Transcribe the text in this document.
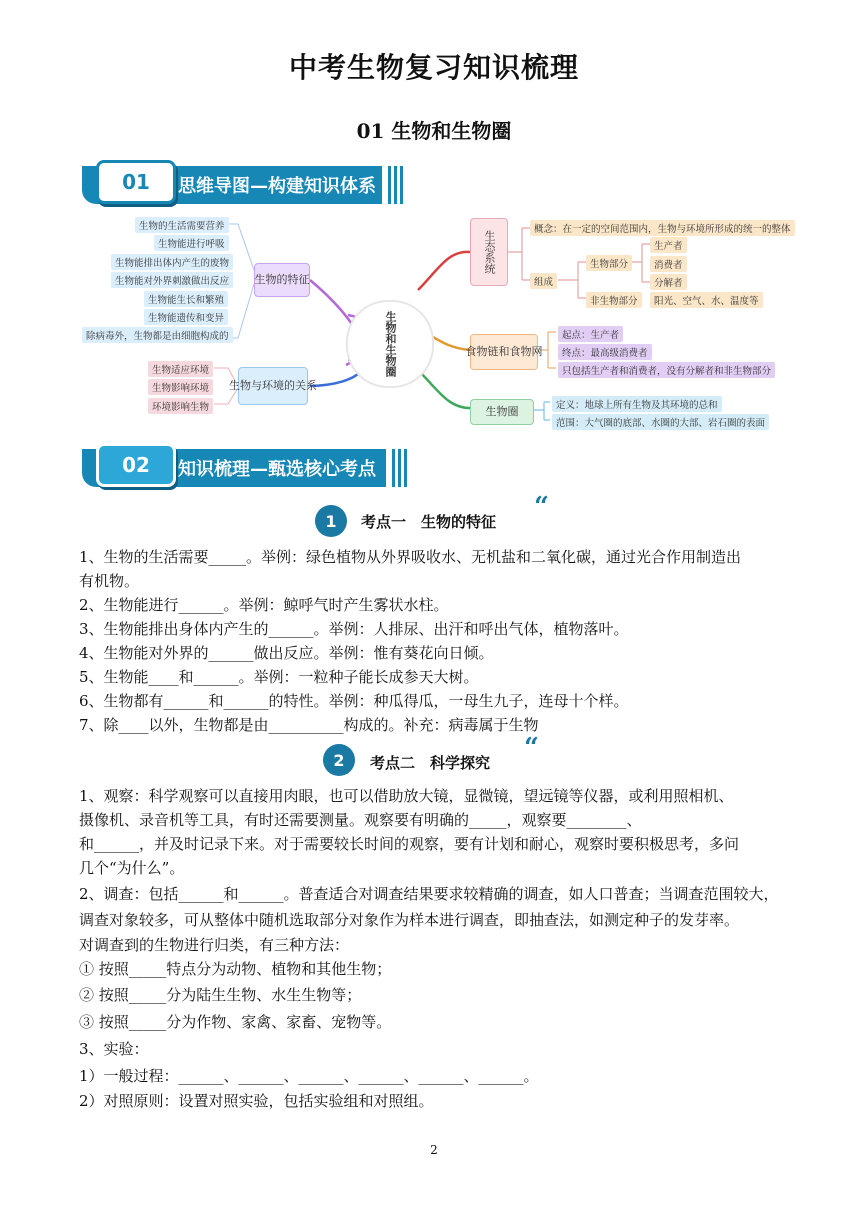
中考生物复习知识梳理
01 生物和生物圈
01	思维导图—构建知识体系
生物和生物圈
生物的特征
生物的生活需要营养
生物能进行呼吸
生物能排出体内产生的废物
生物能对外界刺激做出反应
生物能生长和繁殖
生物能遗传和变异
除病毒外，生物都是由细胞构成的
生物与环境的关系
生物适应环境
生物影响环境
环境影响生物
生态系统
概念：在一定的空间范围内，生物与环境所形成的统一的整体
组成
生物部分
生产者
消费者
分解者
非生物部分	阳光、空气、水、温度等
食物链和食物网
起点：生产者
终点：最高级消费者
只包括生产者和消费者，没有分解者和非生物部分
生物圈	定义：地球上所有生物及其环境的总和
范围：大气圈的底部、水圈的大部、岩石圈的表面
02	知识梳理—甄选核心考点
1	考点一　生物的特征 “
1、生物的生活需要_____。举例：绿色植物从外界吸收水、无机盐和二氧化碳，通过光合作用制造出
有机物。
2、生物能进行______。举例：鲸呼气时产生雾状水柱。
3、生物能排出身体内产生的______。举例：人排尿、出汗和呼出气体，植物落叶。
4、生物能对外界的______做出反应。举例：惟有葵花向日倾。
5、生物能____和______。举例：一粒种子能长成参天大树。
6、生物都有______和______的特性。举例：种瓜得瓜，一母生九子，连母十个样。
7、除____以外，生物都是由__________构成的。补充：病毒属于生物
2	考点二　科学探究 “
1、观察：科学观察可以直接用肉眼，也可以借助放大镜，显微镜，望远镜等仪器，或利用照相机、
摄像机、录音机等工具，有时还需要测量。观察要有明确的_____，观察要________、
和______，并及时记录下来。对于需要较长时间的观察，要有计划和耐心，观察时要积极思考，多问
几个“为什么”。
2、调查：包括______和______。普查适合对调查结果要求较精确的调查，如人口普查；当调查范围较大，
调查对象较多，可从整体中随机选取部分对象作为样本进行调查，即抽查法，如测定种子的发芽率。
对调查到的生物进行归类，有三种方法：
① 按照_____特点分为动物、植物和其他生物；
② 按照_____分为陆生生物、水生生物等；
③ 按照_____分为作物、家禽、家畜、宠物等。
3、实验：
1）一般过程：______、______、______、______、______、______。
2）对照原则：设置对照实验，包括实验组和对照组。
2
